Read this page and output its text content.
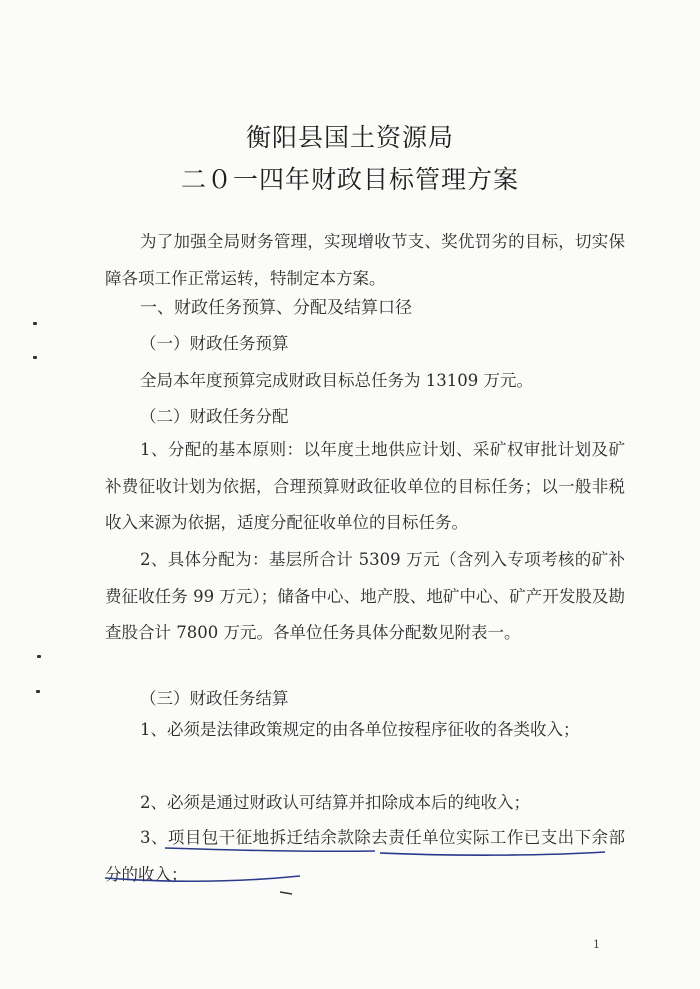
衡阳县国土资源局
二０一四年财政目标管理方案
为了加强全局财务管理，实现增收节支、奖优罚劣的目标，切实保障各项工作正常运转，特制定本方案。
一、财政任务预算、分配及结算口径
（一）财政任务预算
全局本年度预算完成财政目标总任务为 13109 万元。
（二）财政任务分配
1、分配的基本原则：以年度土地供应计划、采矿权审批计划及矿补费征收计划为依据，合理预算财政征收单位的目标任务；以一般非税收入来源为依据，适度分配征收单位的目标任务。
2、具体分配为：基层所合计 5309 万元（含列入专项考核的矿补费征收任务 99 万元）；储备中心、地产股、地矿中心、矿产开发股及勘查股合计 7800 万元。各单位任务具体分配数见附表一。
（三）财政任务结算
1、必须是法律政策规定的由各单位按程序征收的各类收入；
2、必须是通过财政认可结算并扣除成本后的纯收入；
3、项目包干征地拆迁结余款除去责任单位实际工作已支出下余部分的收入；
1
